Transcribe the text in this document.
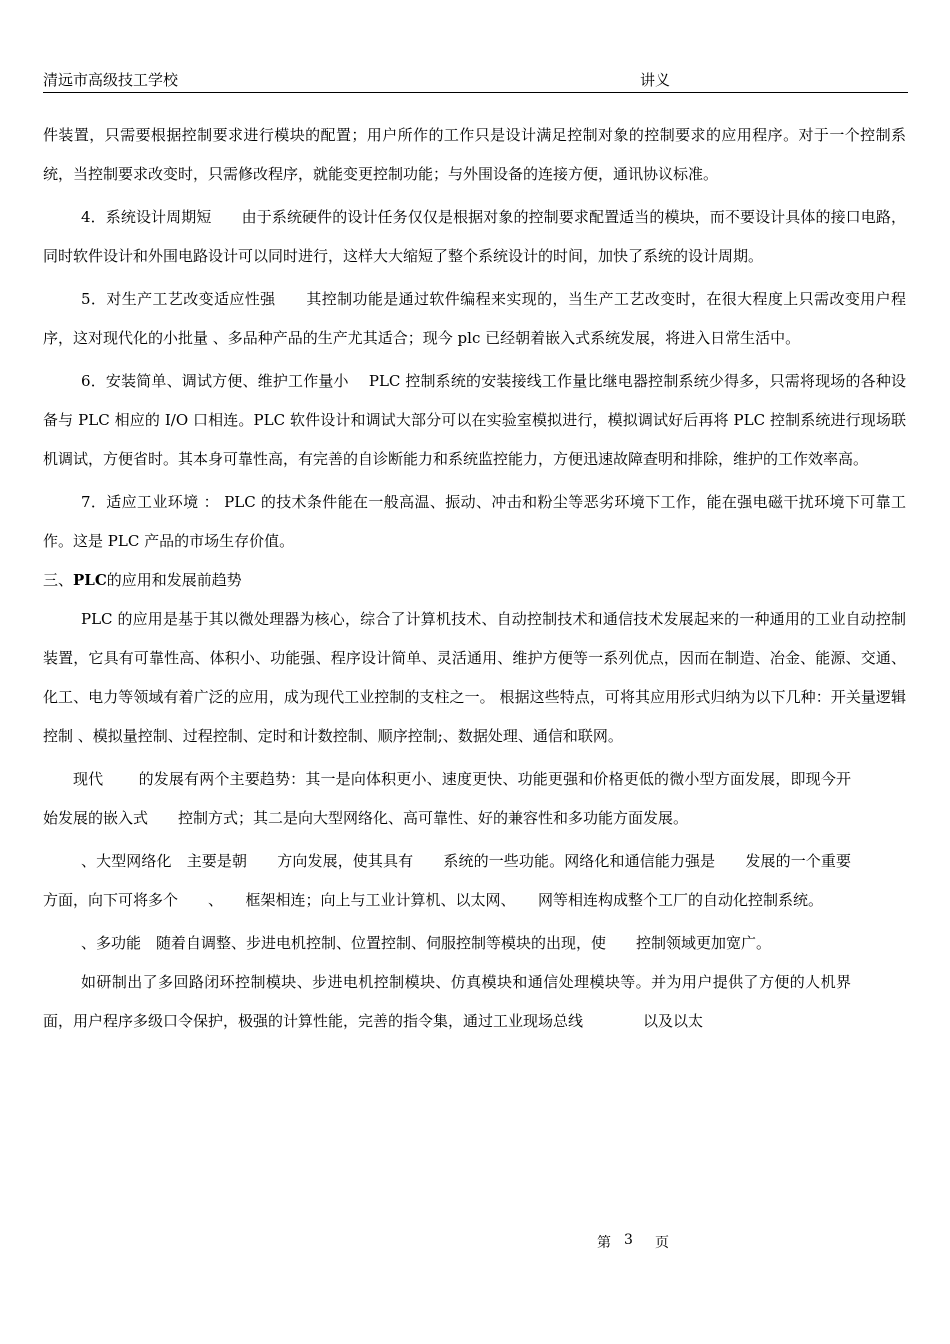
清远市高级技工学校	讲义

件装置，只需要根据控制要求进行模块的配置；用户所作的工作只是设计满足控制对象的控制要求的应用程序。对于一个控制系统，当控制要求改变时，只需修改程序，就能变更控制功能；与外围设备的连接方便，通讯协议标准。

4．系统设计周期短　　由于系统硬件的设计任务仅仅是根据对象的控制要求配置适当的模块，而不要设计具体的接口电路，同时软件设计和外围电路设计可以同时进行，这样大大缩短了整个系统设计的时间，加快了系统的设计周期。

5．对生产工艺改变适应性强　　其控制功能是通过软件编程来实现的，当生产工艺改变时，在很大程度上只需改变用户程序，这对现代化的小批量 、多品种产品的生产尤其适合；现今 plc 已经朝着嵌入式系统发展，将进入日常生活中。

6．安装简单、调试方便、维护工作量小　 PLC 控制系统的安装接线工作量比继电器控制系统少得多，只需将现场的各种设备与 PLC 相应的 I/O 口相连。PLC 软件设计和调试大部分可以在实验室模拟进行，模拟调试好后再将 PLC 控制系统进行现场联机调试，方便省时。其本身可靠性高，有完善的自诊断能力和系统监控能力，方便迅速故障查明和排除，维护的工作效率高。

7．适应工业环境 ： PLC 的技术条件能在一般高温、振动、冲击和粉尘等恶劣环境下工作，能在强电磁干扰环境下可靠工作。这是 PLC 产品的市场生存价值。

三、PLC的应用和发展前趋势

PLC 的应用是基于其以微处理器为核心，综合了计算机技术、自动控制技术和通信技术发展起来的一种通用的工业自动控制装置，它具有可靠性高、体积小、功能强、程序设计简单、灵活通用、维护方便等一系列优点，因而在制造、冶金、能源、交通、化工、电力等领域有着广泛的应用，成为现代工业控制的支柱之一。 根据这些特点，可将其应用形式归纳为以下几种：开关量逻辑控制 、模拟量控制、过程控制、定时和计数控制、顺序控制;、数据处理、通信和联网。

现代　　 的发展有两个主要趋势：其一是向体积更小、速度更快、功能更强和价格更低的微小型方面发展，即现今开始发展的嵌入式　　控制方式；其二是向大型网络化、高可靠性、好的兼容性和多功能方面发展。

、大型网络化　主要是朝　　方向发展，使其具有　　系统的一些功能。网络化和通信能力强是　　发展的一个重要方面，向下可将多个　　、　　框架相连；向上与工业计算机、以太网、　　网等相连构成整个工厂的自动化控制系统。

、多功能　随着自调整、步进电机控制、位置控制、伺服控制等模块的出现，使　　控制领域更加宽广。

如研制出了多回路闭环控制模块、步进电机控制模块、仿真模块和通信处理模块等。并为用户提供了方便的人机界面，用户程序多级口令保护，极强的计算性能，完善的指令集，通过工业现场总线　　　　以及以太

第 3 页
